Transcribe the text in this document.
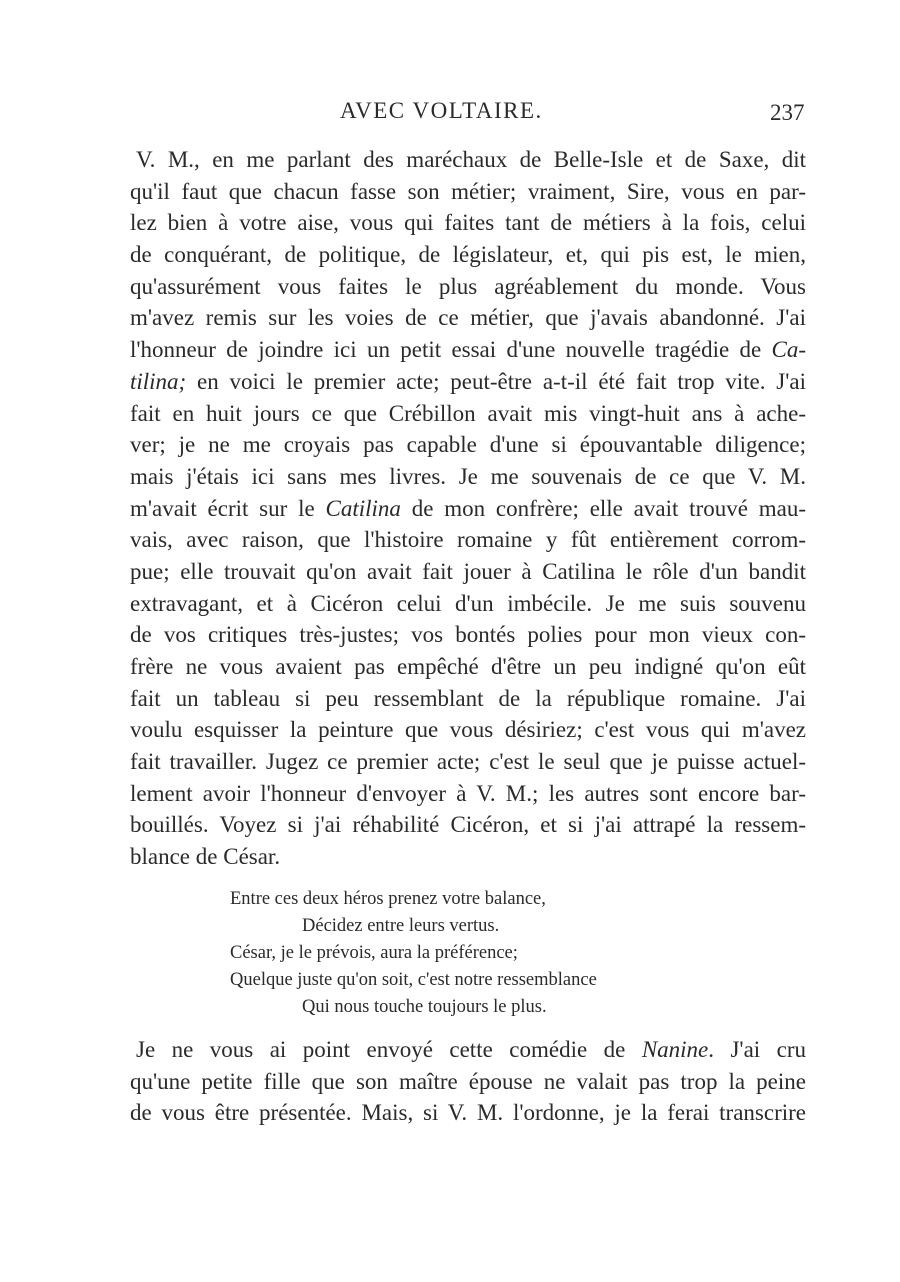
AVEC VOLTAIRE.	237
V. M., en me parlant des maréchaux de Belle-Isle et de Saxe, dit
qu'il faut que chacun fasse son métier; vraiment, Sire, vous en par-
lez bien à votre aise, vous qui faites tant de métiers à la fois, celui
de conquérant, de politique, de législateur, et, qui pis est, le mien,
qu'assurément vous faites le plus agréablement du monde. Vous
m'avez remis sur les voies de ce métier, que j'avais abandonné. J'ai
l'honneur de joindre ici un petit essai d'une nouvelle tragédie de Ca-
tilina; en voici le premier acte; peut-être a-t-il été fait trop vite. J'ai
fait en huit jours ce que Crébillon avait mis vingt-huit ans à ache-
ver; je ne me croyais pas capable d'une si épouvantable diligence;
mais j'étais ici sans mes livres. Je me souvenais de ce que V. M.
m'avait écrit sur le Catilina de mon confrère; elle avait trouvé mau-
vais, avec raison, que l'histoire romaine y fût entièrement corrom-
pue; elle trouvait qu'on avait fait jouer à Catilina le rôle d'un bandit
extravagant, et à Cicéron celui d'un imbécile. Je me suis souvenu
de vos critiques très-justes; vos bontés polies pour mon vieux con-
frère ne vous avaient pas empêché d'être un peu indigné qu'on eût
fait un tableau si peu ressemblant de la république romaine. J'ai
voulu esquisser la peinture que vous désiriez; c'est vous qui m'avez
fait travailler. Jugez ce premier acte; c'est le seul que je puisse actuel-
lement avoir l'honneur d'envoyer à V. M.; les autres sont encore bar-
bouillés. Voyez si j'ai réhabilité Cicéron, et si j'ai attrapé la ressem-
blance de César.
Entre ces deux héros prenez votre balance,
Décidez entre leurs vertus.
César, je le prévois, aura la préférence;
Quelque juste qu'on soit, c'est notre ressemblance
Qui nous touche toujours le plus.
Je ne vous ai point envoyé cette comédie de Nanine. J'ai cru
qu'une petite fille que son maître épouse ne valait pas trop la peine
de vous être présentée. Mais, si V. M. l'ordonne, je la ferai transcrire
